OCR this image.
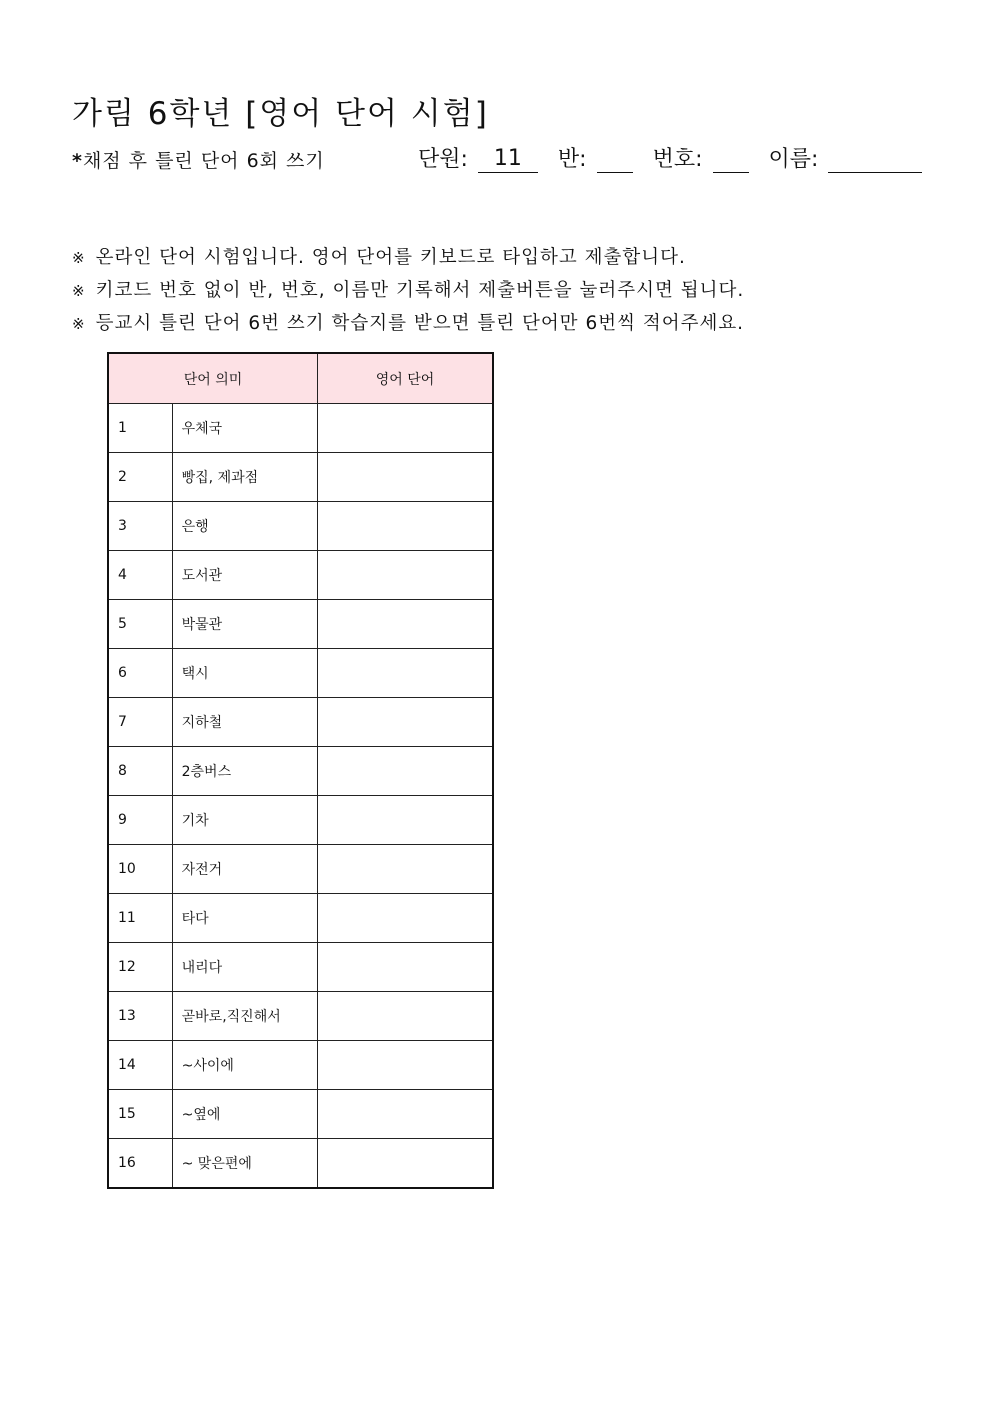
가림 6학년 [영어 단어 시험]
*채점 후 틀린 단어 6회 쓰기	단원:	11	반:	번호:	이름:
※ 온라인 단어 시험입니다. 영어 단어를 키보드로 타입하고 제출합니다.
※ 키코드 번호 없이 반, 번호, 이름만 기록해서 제출버튼을 눌러주시면 됩니다.
※ 등교시 틀린 단어 6번 쓰기 학습지를 받으면 틀린 단어만 6번씩 적어주세요.
단어 의미		영어 단어
1	우체국	
2	빵집, 제과점	
3	은행	
4	도서관	
5	박물관	
6	택시	
7	지하철	
8	2층버스	
9	기차	
10	자전거	
11	타다	
12	내리다	
13	곧바로,직진해서	
14	~사이에	
15	~옆에	
16	~ 맞은편에	
